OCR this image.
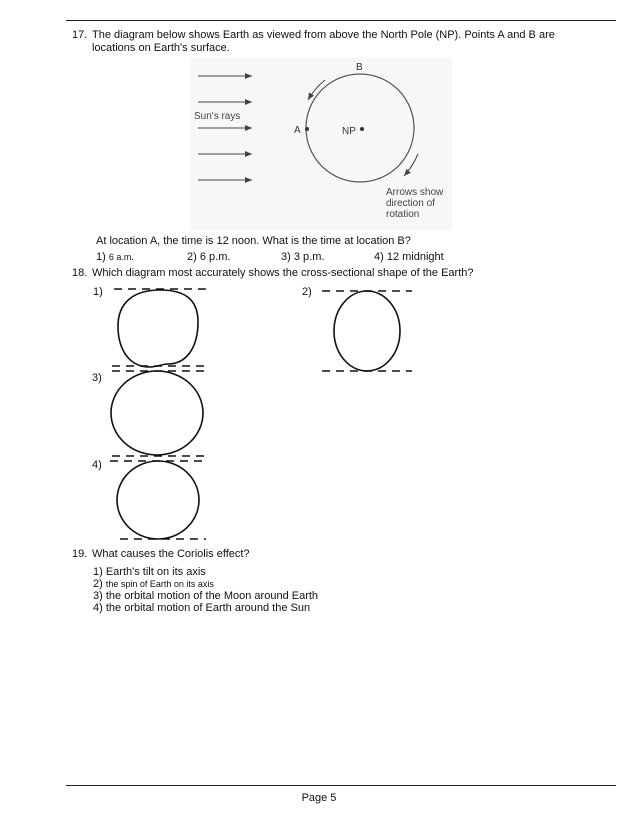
17. The diagram below shows Earth as viewed from above the North Pole (NP). Points A and B are
locations on Earth's surface.
Sun's rays
A
B
NP
Arrows show
direction of
rotation
At location A, the time is 12 noon. What is the time at location B?
1) 6 a.m.	2) 6 p.m.	3) 3 p.m.	4) 12 midnight
18. Which diagram most accurately shows the cross-sectional shape of the Earth?
1)	2)
3)
4)
19. What causes the Coriolis effect?
1) Earth's tilt on its axis
2) the spin of Earth on its axis
3) the orbital motion of the Moon around Earth
4) the orbital motion of Earth around the Sun
Page 5
